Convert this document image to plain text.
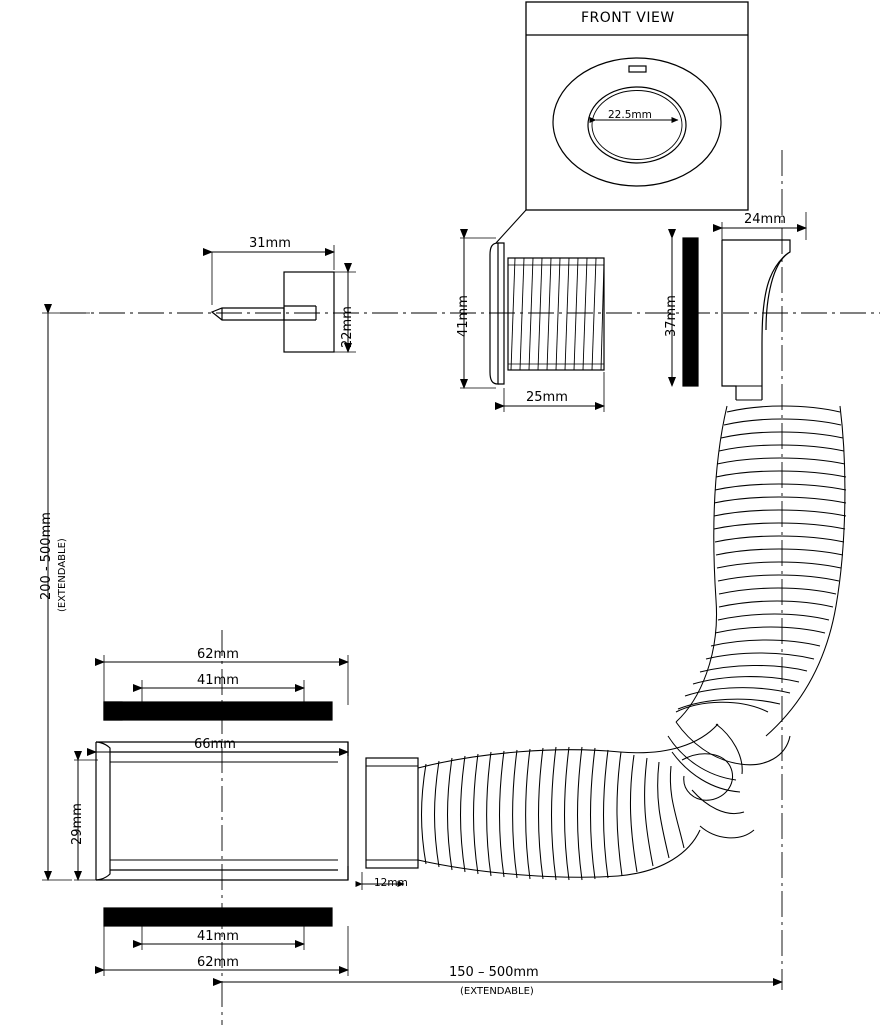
FRONT VIEW
22.5mm
31mm
22mm	41mm
25mm
37mm
24mm
200 - 500mm (EXTENDABLE)
62mm
41mm
66mm
29mm
12mm
41mm
62mm
150 – 500mm
(EXTENDABLE)
